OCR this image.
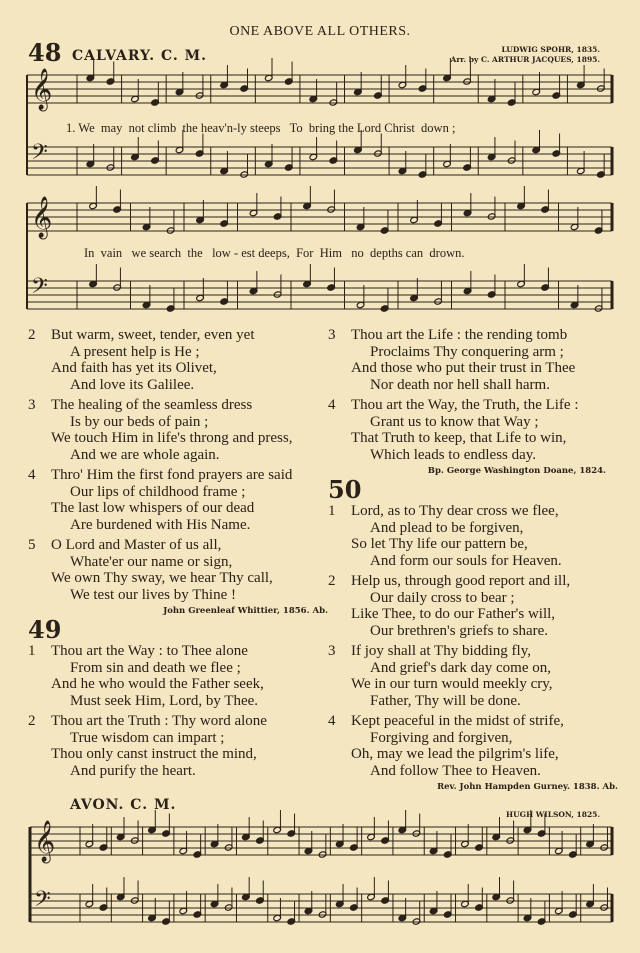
𝄞
𝄢
𝄞
𝄢
𝄞
𝄢
ONE ABOVE ALL OTHERS.
48 CALVARY. C. M.	LUDWIG SPOHR, 1835.
Arr. by C. ARTHUR JACQUES, 1895.
1. We  may  not climb  the heav'n-ly steeps   To  bring the Lord Christ  down ;
In  vain   we search  the   low - est deeps,  For  Him   no  depths can  drown.
2 But warm, sweet, tender, even yet
A present help is He ;
And faith has yet its Olivet,
And love its Galilee.
3 The healing of the seamless dress
Is by our beds of pain ;
We touch Him in life's throng and press,
And we are whole again.
4 Thro' Him the first fond prayers are said
Our lips of childhood frame ;
The last low whispers of our dead
Are burdened with His Name.
5 O Lord and Master of us all,
Whate'er our name or sign,
We own Thy sway, we hear Thy call,
We test our lives by Thine !
John Greenleaf Whittier, 1856. Ab.
49
1 Thou art the Way : to Thee alone
From sin and death we flee ;
And he who would the Father seek,
Must seek Him, Lord, by Thee.
2 Thou art the Truth : Thy word alone
True wisdom can impart ;
Thou only canst instruct the mind,
And purify the heart.
3 Thou art the Life : the rending tomb
Proclaims Thy conquering arm ;
And those who put their trust in Thee
Nor death nor hell shall harm.
4 Thou art the Way, the Truth, the Life :
Grant us to know that Way ;
That Truth to keep, that Life to win,
Which leads to endless day.
Bp. George Washington Doane, 1824.
50
1 Lord, as to Thy dear cross we flee,
And plead to be forgiven,
So let Thy life our pattern be,
And form our souls for Heaven.
2 Help us, through good report and ill,
Our daily cross to bear ;
Like Thee, to do our Father's will,
Our brethren's griefs to share.
3 If joy shall at Thy bidding fly,
And grief's dark day come on,
We in our turn would meekly cry,
Father, Thy will be done.
4 Kept peaceful in the midst of strife,
Forgiving and forgiven,
Oh, may we lead the pilgrim's life,
And follow Thee to Heaven.
Rev. John Hampden Gurney. 1838. Ab.
AVON. C. M.
HUGH WILSON, 1825.
